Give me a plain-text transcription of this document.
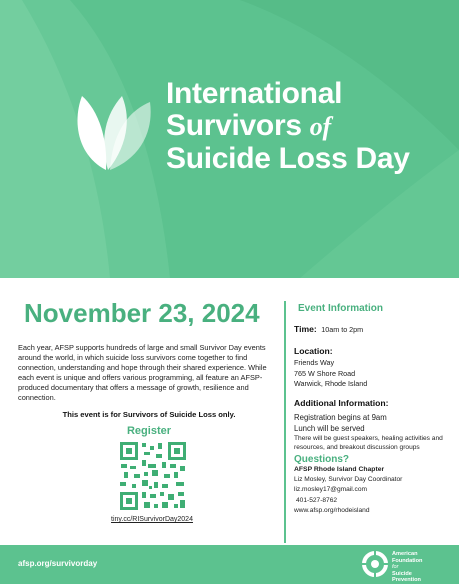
International
Survivors of
Suicide Loss Day
November 23, 2024
Each year, AFSP supports hundreds of large and small Survivor Day events around the world, in which suicide loss survivors come together to find connection, understanding and hope through their shared experience. While each event is unique and offers various programming, all feature an AFSP-produced documentary that offers a message of growth, resilience and connection.
This event is for Survivors of Suicide Loss only.
Register
tiny.cc/RISurvivorDay2024
Event Information
Time: 10am to 2pm
Location:
Friends Way
765 W Shore Road
Warwick, Rhode Island
Additional Information:
Registration begins at 9am
Lunch will be served
There will be guest speakers, healing activities and resources, and breakout discussion groups
Questions?
AFSP Rhode Island Chapter
Liz Mosley, Survivor Day Coordinator
liz.mosley17@gmail.com
401-527-8762
www.afsp.org/rhodeisland
afsp.org/survivorday
American
Foundation
for
Suicide
Prevention
